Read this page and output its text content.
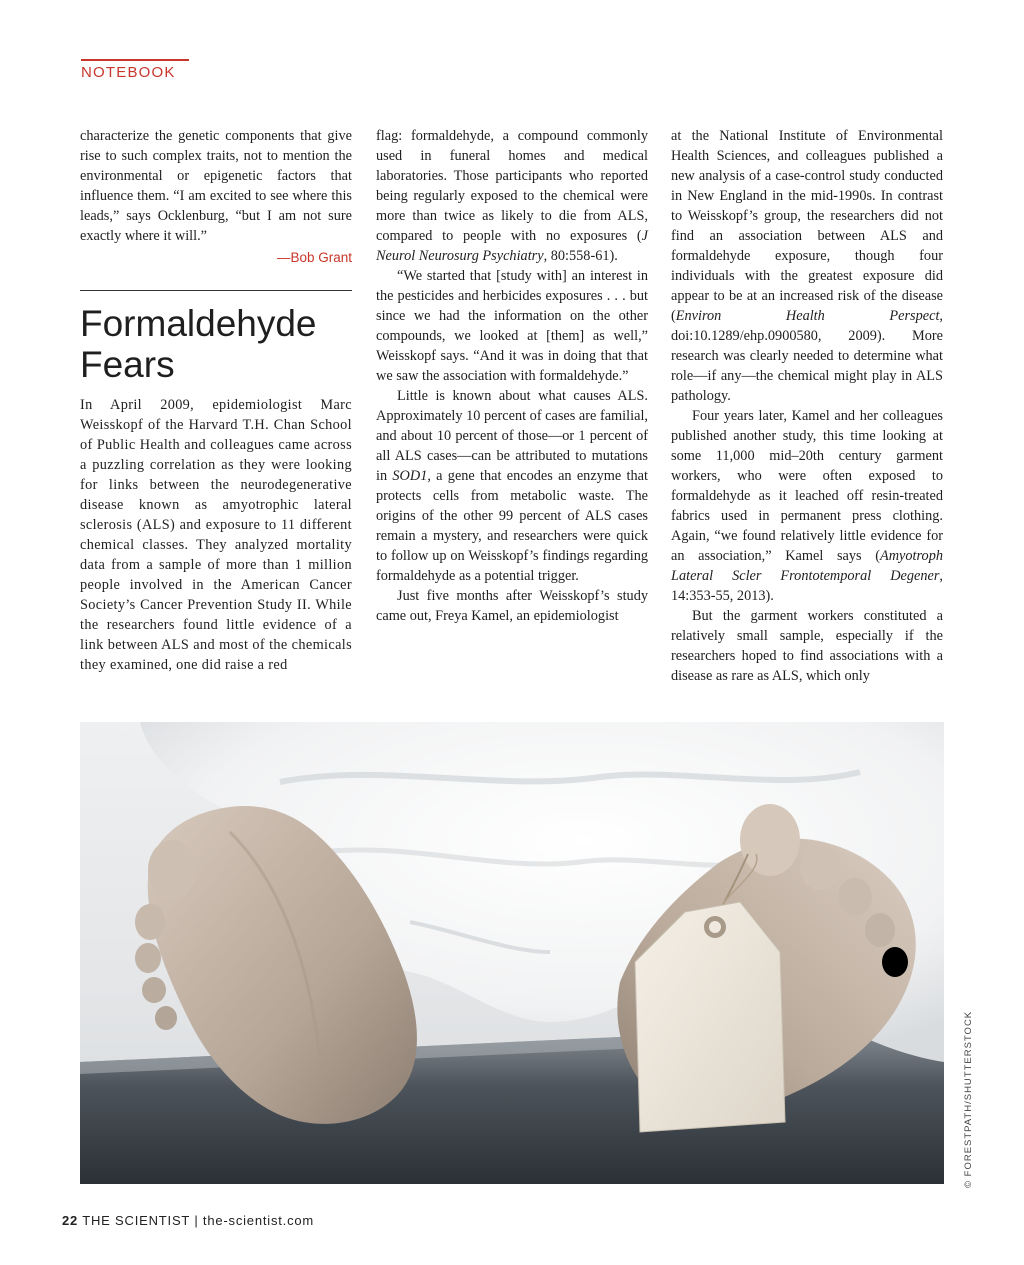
NOTEBOOK

characterize the genetic components that give rise to such complex traits, not to mention the environmental or epigenetic factors that influence them. “I am excited to see where this leads,” says Ocklenburg, “but I am not sure exactly where it will.”

—Bob Grant
Formaldehyde
Fears

In April 2009, epidemiologist Marc Weisskopf of the Harvard T.H. Chan School of Public Health and colleagues came across a puzzling correlation as they were looking for links between the neurodegenerative disease known as amyotrophic lateral sclerosis (ALS) and exposure to 11 different chemical classes. They analyzed mortality data from a sample of more than 1 million people involved in the American Cancer Society’s Cancer Prevention Study II. While the researchers found little evidence of a link between ALS and most of the chemicals they examined, one did raise a red

flag: formaldehyde, a compound commonly used in funeral homes and medical laboratories. Those participants who reported being regularly exposed to the chemical were more than twice as likely to die from ALS, compared to people with no exposures (J Neurol Neurosurg Psychiatry, 80:558-61).

“We started that [study with] an interest in the pesticides and herbicides exposures . . . but since we had the information on the other compounds, we looked at [them] as well,” Weisskopf says. “And it was in doing that that we saw the association with formaldehyde.”

Little is known about what causes ALS. Approximately 10 percent of cases are familial, and about 10 percent of those—or 1 percent of all ALS cases—can be attributed to mutations in SOD1, a gene that encodes an enzyme that protects cells from metabolic waste. The origins of the other 99 percent of ALS cases remain a mystery, and researchers were quick to follow up on Weisskopf’s findings regarding formaldehyde as a potential trigger.

Just five months after Weisskopf’s study came out, Freya Kamel, an epidemiologist

at the National Institute of Environmental Health Sciences, and colleagues published a new analysis of a case-control study conducted in New England in the mid-1990s. In contrast to Weisskopf’s group, the researchers did not find an association between ALS and formaldehyde exposure, though four individuals with the greatest exposure did appear to be at an increased risk of the disease (Environ Health Perspect, doi:10.1289/ehp.0900580, 2009). More research was clearly needed to determine what role—if any—the chemical might play in ALS pathology.

Four years later, Kamel and her colleagues published another study, this time looking at some 11,000 mid–20th century garment workers, who were often exposed to formaldehyde as it leached off resin-treated fabrics used in permanent press clothing. Again, “we found relatively little evidence for an association,” Kamel says (Amyotroph Lateral Scler Frontotemporal Degener, 14:353-55, 2013).

But the garment workers constituted a relatively small sample, especially if the researchers hoped to find associations with a disease as rare as ALS, which only

© FORESTPATH/SHUTTERSTOCK
22 THE SCIENTIST | the-scientist.com
